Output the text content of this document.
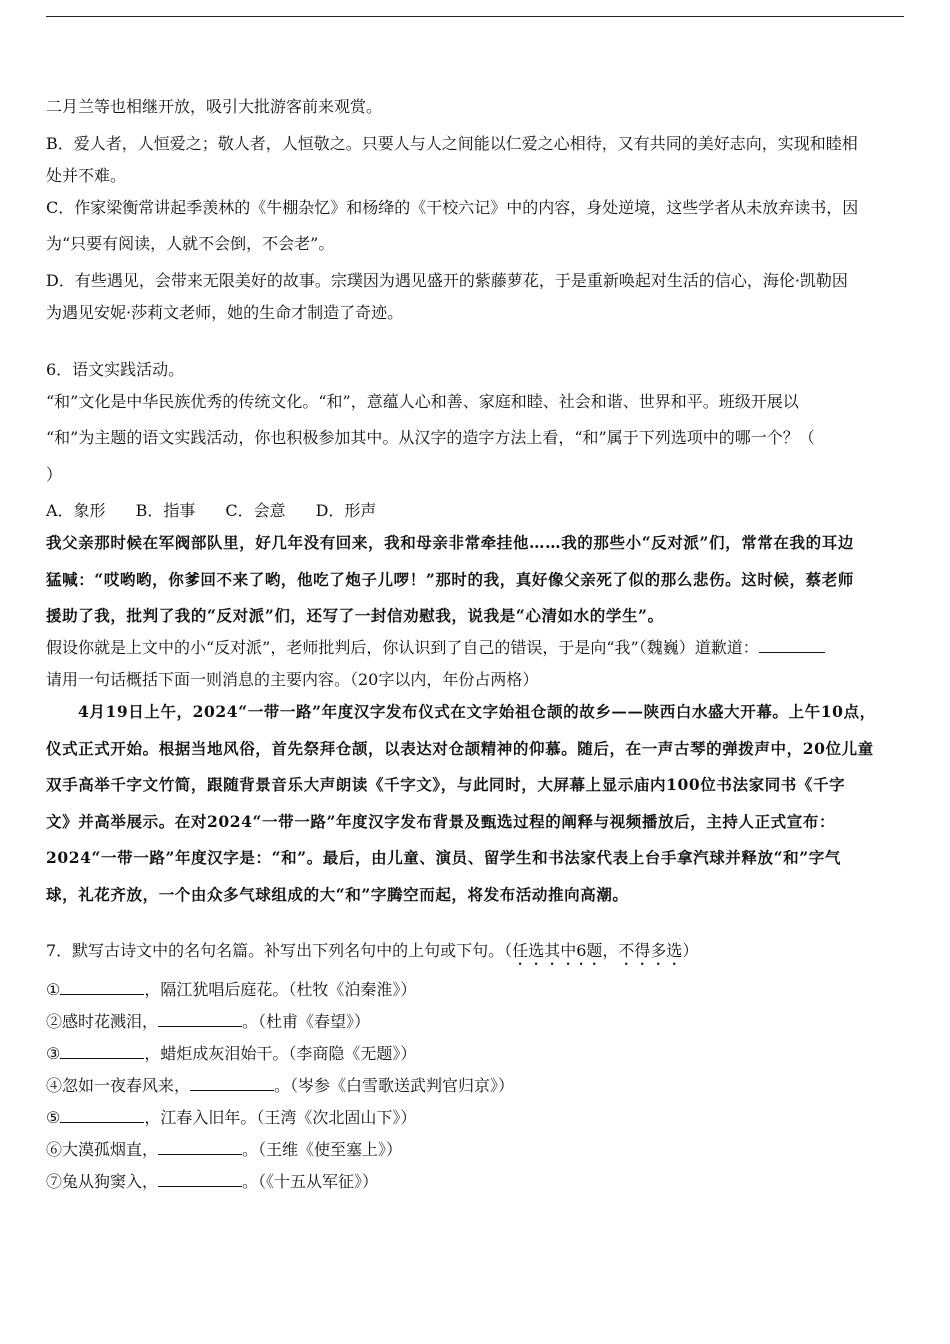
二月兰等也相继开放，吸引大批游客前来观赏。

B．爱人者，人恒爱之；敬人者，人恒敬之。只要人与人之间能以仁爱之心相待，又有共同的美好志向，实现和睦相

处并不难。

C．作家梁衡常讲起季羡林的《牛棚杂忆》和杨绛的《干校六记》中的内容，身处逆境，这些学者从未放弃读书，因

为“只要有阅读，人就不会倒，不会老”。

D．有些遇见，会带来无限美好的故事。宗璞因为遇见盛开的紫藤萝花，于是重新唤起对生活的信心，海伦·凯勒因

为遇见安妮·莎莉文老师，她的生命才制造了奇迹。

6．语文实践活动。

“和”文化是中华民族优秀的传统文化。“和”，意蕴人心和善、家庭和睦、社会和谐、世界和平。班级开展以

“和”为主题的语文实践活动，你也积极参加其中。从汉字的造字方法上看，“和”属于下列选项中的哪一个？（

）

A．象形 B．指事 C．会意 D．形声

我父亲那时候在军阀部队里，好几年没有回来，我和母亲非常牵挂他……我的那些小“反对派”们，常常在我的耳边

猛喊：“哎哟哟，你爹回不来了哟，他吃了炮子儿啰！”那时的我，真好像父亲死了似的那么悲伤。这时候，蔡老师

援助了我，批判了我的“反对派”们，还写了一封信劝慰我，说我是“心清如水的学生”。

假设你就是上文中的小“反对派”，老师批判后，你认识到了自己的错误，于是向“我”（魏巍）道歉道：

请用一句话概括下面一则消息的主要内容。（20字以内，年份占两格）

4月19日上午，2024“一带一路”年度汉字发布仪式在文字始祖仓颉的故乡——陕西白水盛大开幕。上午10点，

仪式正式开始。根据当地风俗，首先祭拜仓颉，以表达对仓颉精神的仰慕。随后，在一声古琴的弹拨声中，20位儿童

双手高举千字文竹简，跟随背景音乐大声朗读《千字文》，与此同时，大屏幕上显示庙内100位书法家同书《千字

文》并高举展示。在对2024“一带一路”年度汉字发布背景及甄选过程的阐释与视频播放后，主持人正式宣布：

2024“一带一路”年度汉字是：“和”。最后，由儿童、演员、留学生和书法家代表上台手拿汽球并释放“和”字气

球，礼花齐放，一个由众多气球组成的大“和”字腾空而起，将发布活动推向高潮。

7．默写古诗文中的名句名篇。补写出下列名句中的上句或下句。（任选其中6题，不得多选）

①	，隔江犹唱后庭花。（杜牧《泊秦淮》）

②感时花溅泪，	。（杜甫《春望》）

③	，蜡炬成灰泪始干。（李商隐《无题》）

④忽如一夜春风来，	。（岑参《白雪歌送武判官归京》）

⑤	，江春入旧年。（王湾《次北固山下》）

⑥大漠孤烟直，	。（王维《使至塞上》）

⑦兔从狗窦入，	。（《十五从军征》）
